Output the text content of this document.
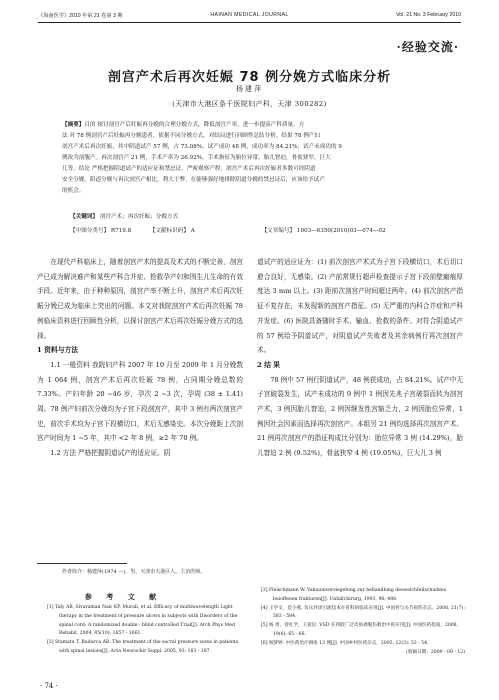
《海南医学》2010 年第 21 卷第 3 期	HAINAN MEDICAL JOURNAL	Vol. 21 No. 3 February 2010
·经验交流·
剖宫产术后再次妊娠 78 例分娩方式临床分析
杨建萍
(天津市大港区条千医院妇产科，天津 300282)
【摘要】目的 探讨剖宫产后妊娠再分娩的合理分娩方式，降低剖宫产率，进一步提高产科质量。方
法 对 78 例剖宫产后妊娠再分娩患者，依据不同分娩方式，对结局进行回顾性总结分析。结果 78 例产妇
剖宫产术后再次妊娠，其中阴道试产 57 例，占 73.08%，试产成功 48 例，成功率为 84.21%；试产未成功的 9
例改为剖腹产。再次剖宫产 21 例，手术产率为 26.92%。手术指征为胎位异常，胎儿窘迫，骨盆狭窄，巨大
儿等。结论 严格把握阴道试产的适应证和禁忌证，严密观察产程，剖宫产术后再次妊娠者多数可经阴道
安全分娩。阴道分娩与再次剖宫产相比，利大于弊，在能够强好地排除阴道分娩的禁忌证后，应该给予试产
的机会。
【关键词】 剖宫产术；再次妊娠；分娩方式
【中图分类号】 R719.8	【文献标识码】 A	【文章编号】 1003—6350(2010)03—074—02

在现代产科临床上，随着剖宫产术的提高及术式的不断完善，剖宫产已成为解决难产和某些产科合并症、抢救孕产妇和围生儿生命的有效手段。近年来，由于种种原因，剖宫产率不断上升，剖宫产术后再次妊娠分娩已成为临床上突出的问题。本文对我院剖宫产术后再次妊娠 78 例临床资料进行回顾性分析，以探讨剖宫产术后再次妊娠分娩方式的选择。

1 资料与方法

1.1 一般资料 我院妇产科 2007 年 10 月至 2009 年 1 月分娩数为 1 064 例，剖宫产术后再次妊娠 78 例，占同期分娩总数的 7.33%。产妇年龄 20 ~46 岁，孕次 2 ~3 次，孕周 (38 ± 1.41) 周。78 例产妇前次分娩均为子宫下段剖宫产，其中 3 例有两次剖宫产史，前次手术均为子宫下段横切口，术后无感染史。本次分娩距上次剖宫产时间为 1 ~5 年，其中 <2 年 8 例，≥2 年 70 例。

1.2 方法 严格把握阴道试产的适应证。阴

道试产的适应证为：(1) 前次剖宫产术式为子宫下段横切口，术后切口愈合良好，无感染。(2) 产前常规行超声检查提示子宫下段前壁瘢痕厚度达 3 mm 以上。(3) 距前次剖宫产时间超过两年。(4) 前次剖宫产指征不复存在，未发现新的剖宫产指征。(5) 无严重的内科合并症和产科并发症。(6) 医院具备随时手术、输血、抢救的条件。对符合阴道试产的 57 例给予阴道试产，对阴道试产失败者及其余病例行再次剖宫产术。

2 结 果

78 例中 57 例行阴道试产，48 例获成功，占 84.21%。试产中无子宫破裂发生，试产未成功的 9 例中 1 例因先兆子宫破裂而转为剖宫产术，3 例因胎儿窘迫，2 例因继发性宫缩乏力，2 例因胎位异常，1 例因社会因素而选择再次剖宫产。本组另 21 例均选择再次剖宫产术。21 例再次剖宫产的指征构成比分别为：胎位异常 3 例 (14.29%)，胎儿窘迫 2 例 (9.52%)，骨盆狭窄 4 例 (19.05%)，巨大儿 3 例

作者简介：杨建萍(1974 —)，男，天津市大港区人，主治医师。
参 考 文 献
[1] Taly AB, Sivaraman Nair KP, Murali, et al. Efficacy of multiwavelength Light therapy in the treatment of pressure ulcers in subjects with Disorders of the spinal cord: A randomized double - blind controlled Trial[J]. Arch Phys Med Rehabil, 2004, 85(10): 1657 - 1661.
[2] Stamatu T, Budurca AR. The treatment of the sacral pressure sores in patients with spinal lesions[J]. Acta Neurochir Suppl, 2005, 93: 183 - 187.
[3] Fleischmann W. Vakuumversiegelung zur behandlung desweichteilschadens beioffenen frakturen[J]. Unfallchirurg, 1993, 96: 488.
[4] 王学文，范小燕. 负压封闭引流技术在骨科的临床应用[J]. 中国骨与关节损伤杂志，2006, 21(7): 583 - 584.
[5] 杨 勇，曾礼学，王爱民. VSD 在四肢广泛皮肤剥脱伤救治中的应用[J]. 中国医药指南，2008, 19(6): 65 - 66.
[6] 杨梦婷. 中医药治疗褥疮 13 例[J]. 中国乡村医药杂志，2005, 12(3): 53 - 54.
(收稿日期：2009 - 09 - 12)
· 74 ·
